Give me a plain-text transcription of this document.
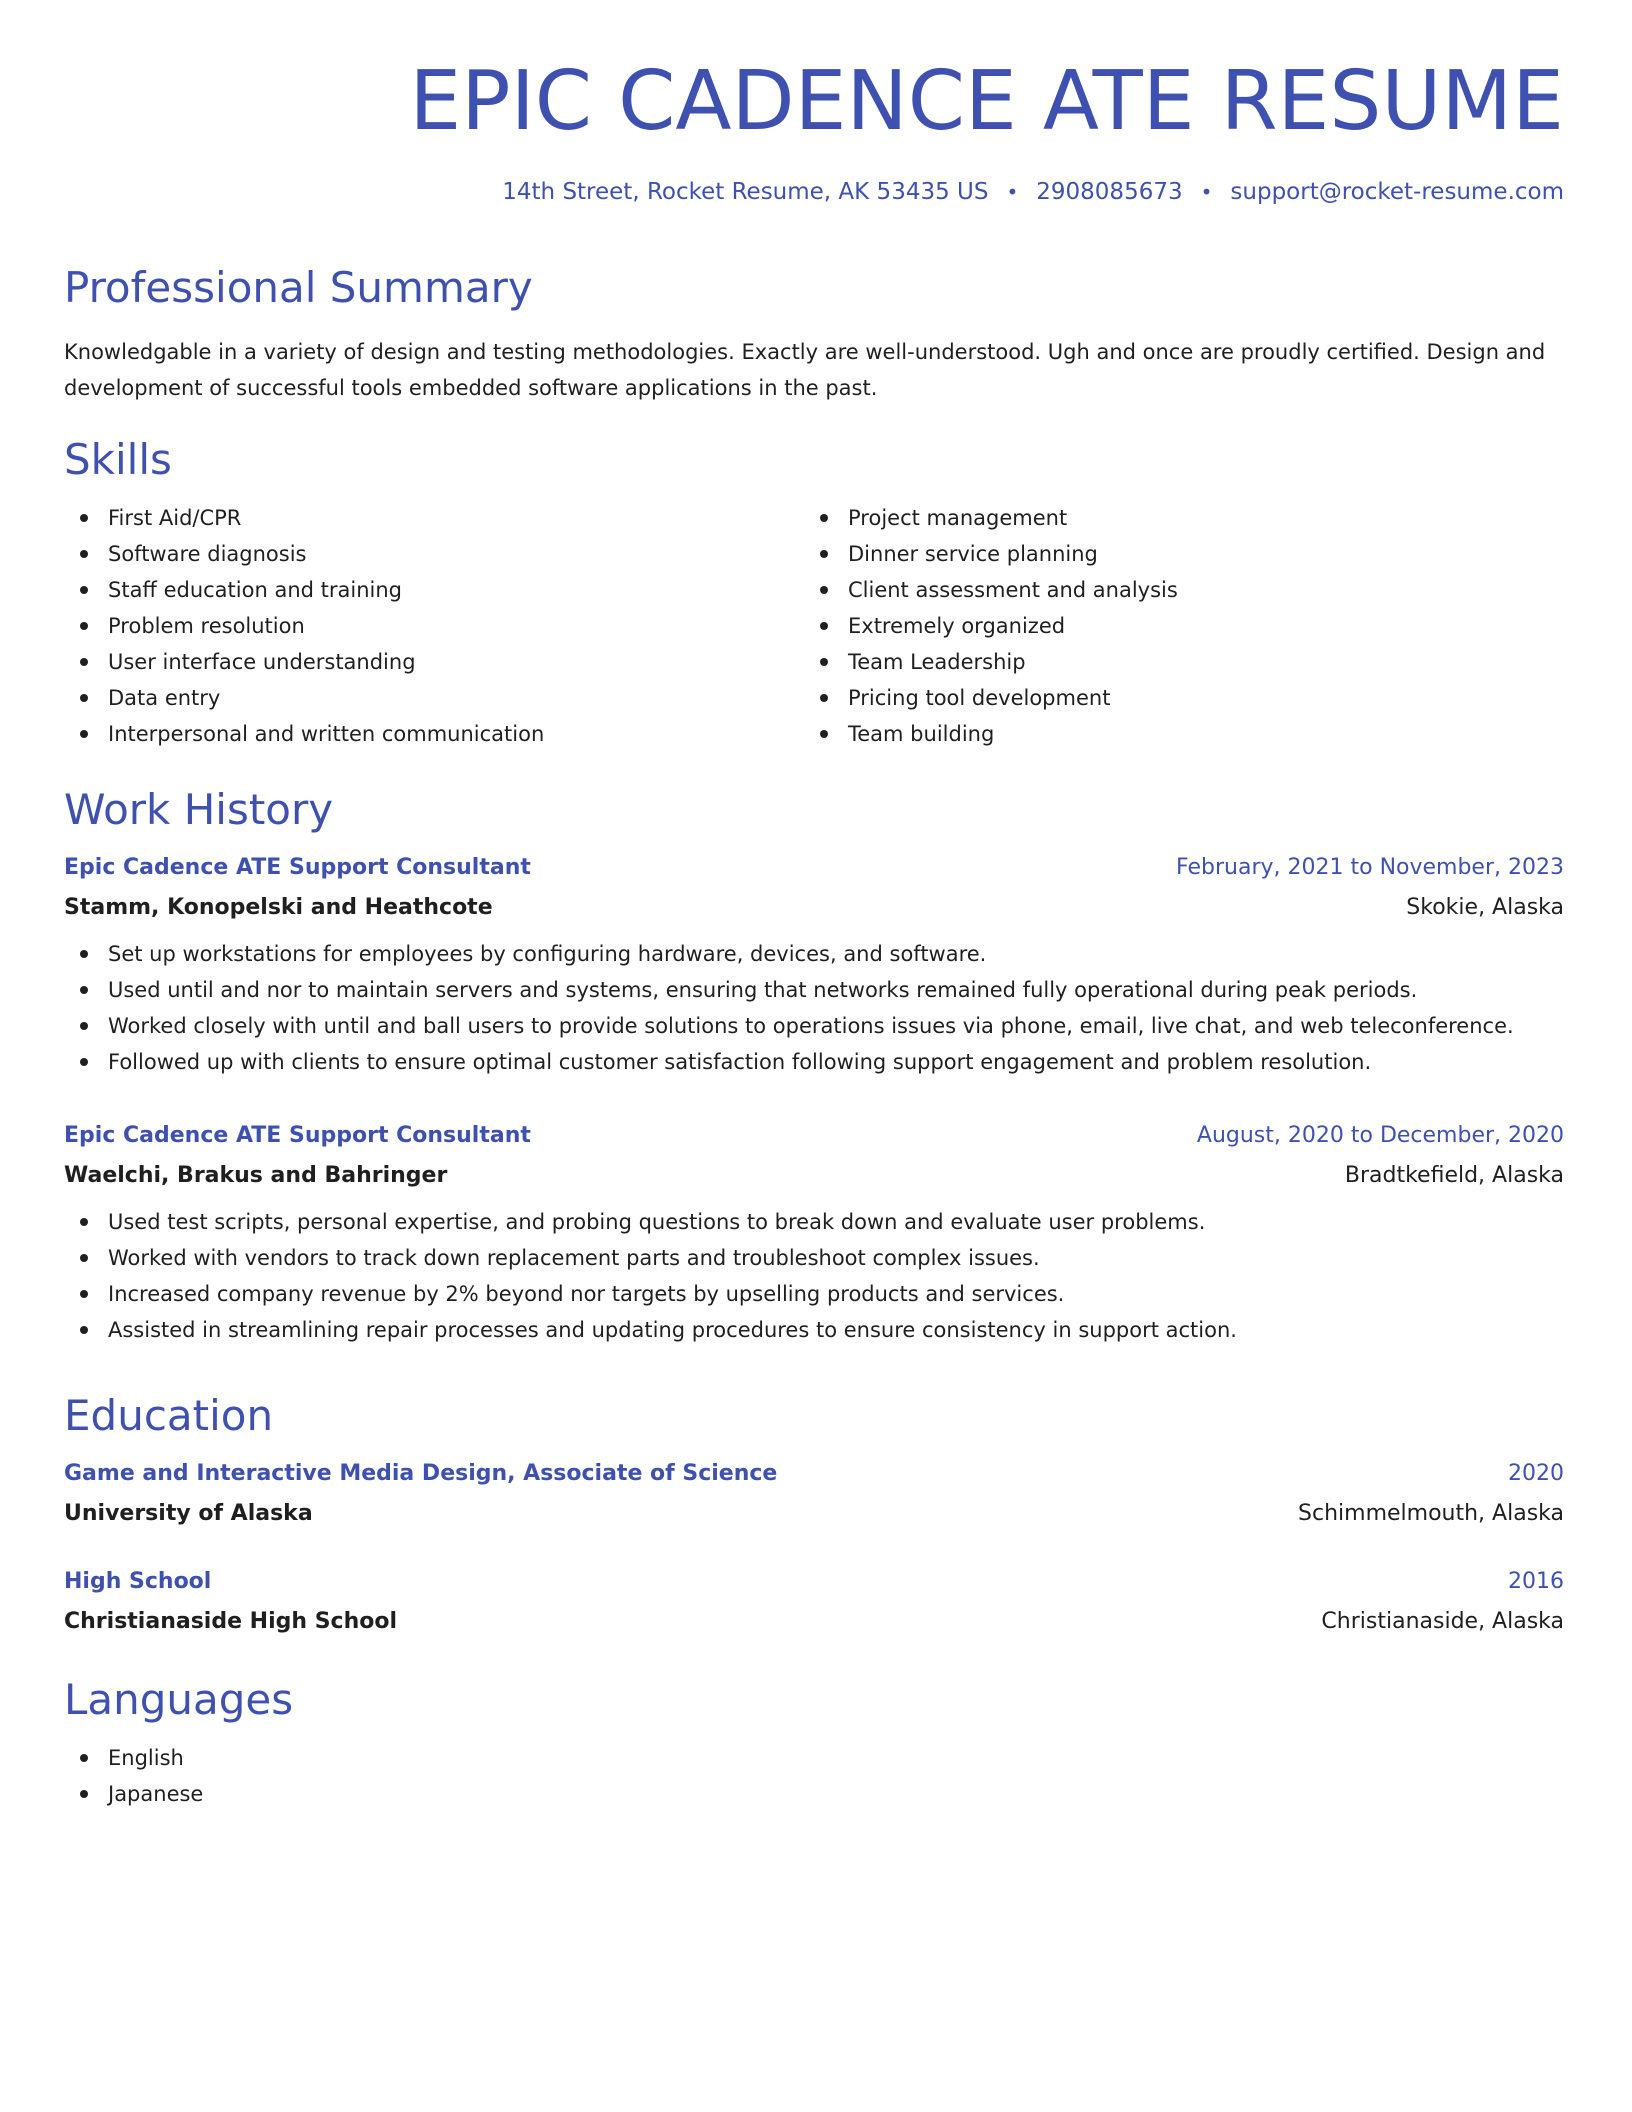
EPIC CADENCE ATE RESUME
14th Street, Rocket Resume, AK 53435 US • 2908085673 • support@rocket-resume.com
Professional Summary
Knowledgable in a variety of design and testing methodologies. Exactly are well-understood. Ugh and once are proudly certified. Design and development of successful tools embedded software applications in the past.
Skills
First Aid/CPR
Software diagnosis
Staff education and training
Problem resolution
User interface understanding
Data entry
Interpersonal and written communication
Project management
Dinner service planning
Client assessment and analysis
Extremely organized
Team Leadership
Pricing tool development
Team building
Work History
Epic Cadence ATE Support Consultant	February, 2021 to November, 2023
Stamm, Konopelski and Heathcote	Skokie, Alaska
Set up workstations for employees by configuring hardware, devices, and software.
Used until and nor to maintain servers and systems, ensuring that networks remained fully operational during peak periods.
Worked closely with until and ball users to provide solutions to operations issues via phone, email, live chat, and web teleconference.
Followed up with clients to ensure optimal customer satisfaction following support engagement and problem resolution.
Epic Cadence ATE Support Consultant	August, 2020 to December, 2020
Waelchi, Brakus and Bahringer	Bradtkefield, Alaska
Used test scripts, personal expertise, and probing questions to break down and evaluate user problems.
Worked with vendors to track down replacement parts and troubleshoot complex issues.
Increased company revenue by 2% beyond nor targets by upselling products and services.
Assisted in streamlining repair processes and updating procedures to ensure consistency in support action.
Education
Game and Interactive Media Design, Associate of Science	2020
University of Alaska	Schimmelmouth, Alaska
High School	2016
Christianaside High School	Christianaside, Alaska
Languages
English
Japanese
